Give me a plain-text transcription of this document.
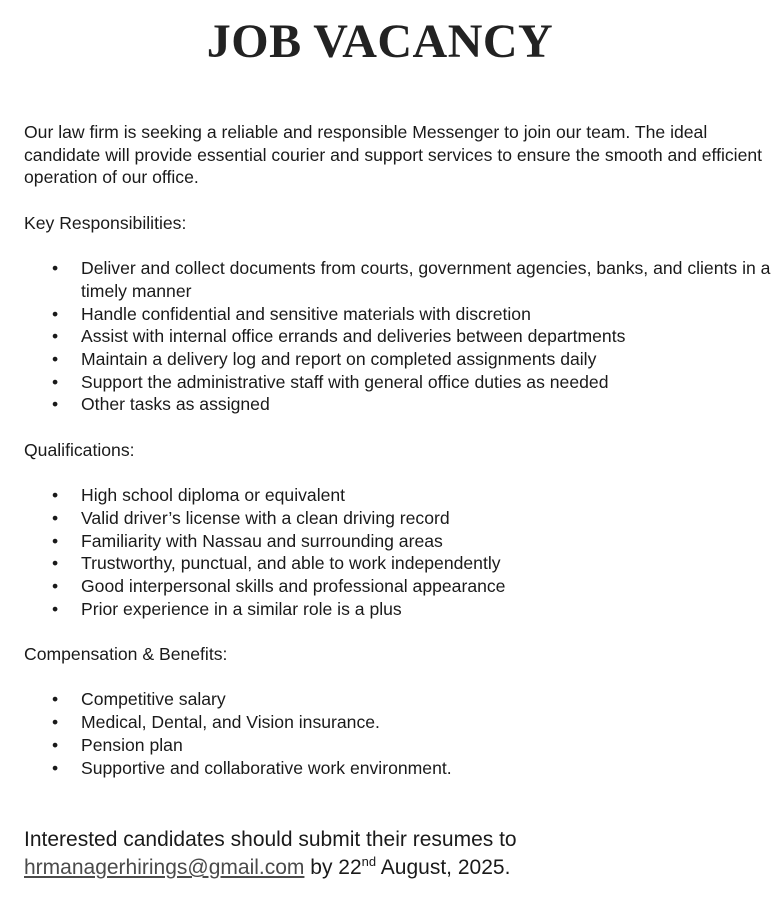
JOB VACANCY

Our law firm is seeking a reliable and responsible Messenger to join our team. The ideal candidate will provide essential courier and support services to ensure the smooth and efficient operation of our office.

Key Responsibilities:

• Deliver and collect documents from courts, government agencies, banks, and clients in a timely manner
• Handle confidential and sensitive materials with discretion
• Assist with internal office errands and deliveries between departments
• Maintain a delivery log and report on completed assignments daily
• Support the administrative staff with general office duties as needed
• Other tasks as assigned

Qualifications:

• High school diploma or equivalent
• Valid driver’s license with a clean driving record
• Familiarity with Nassau and surrounding areas
• Trustworthy, punctual, and able to work independently
• Good interpersonal skills and professional appearance
• Prior experience in a similar role is a plus

Compensation & Benefits:

• Competitive salary
• Medical, Dental, and Vision insurance.
• Pension plan
• Supportive and collaborative work environment.

Interested candidates should submit their resumes to
hrmanagerhirings@gmail.com by 22nd August, 2025.
